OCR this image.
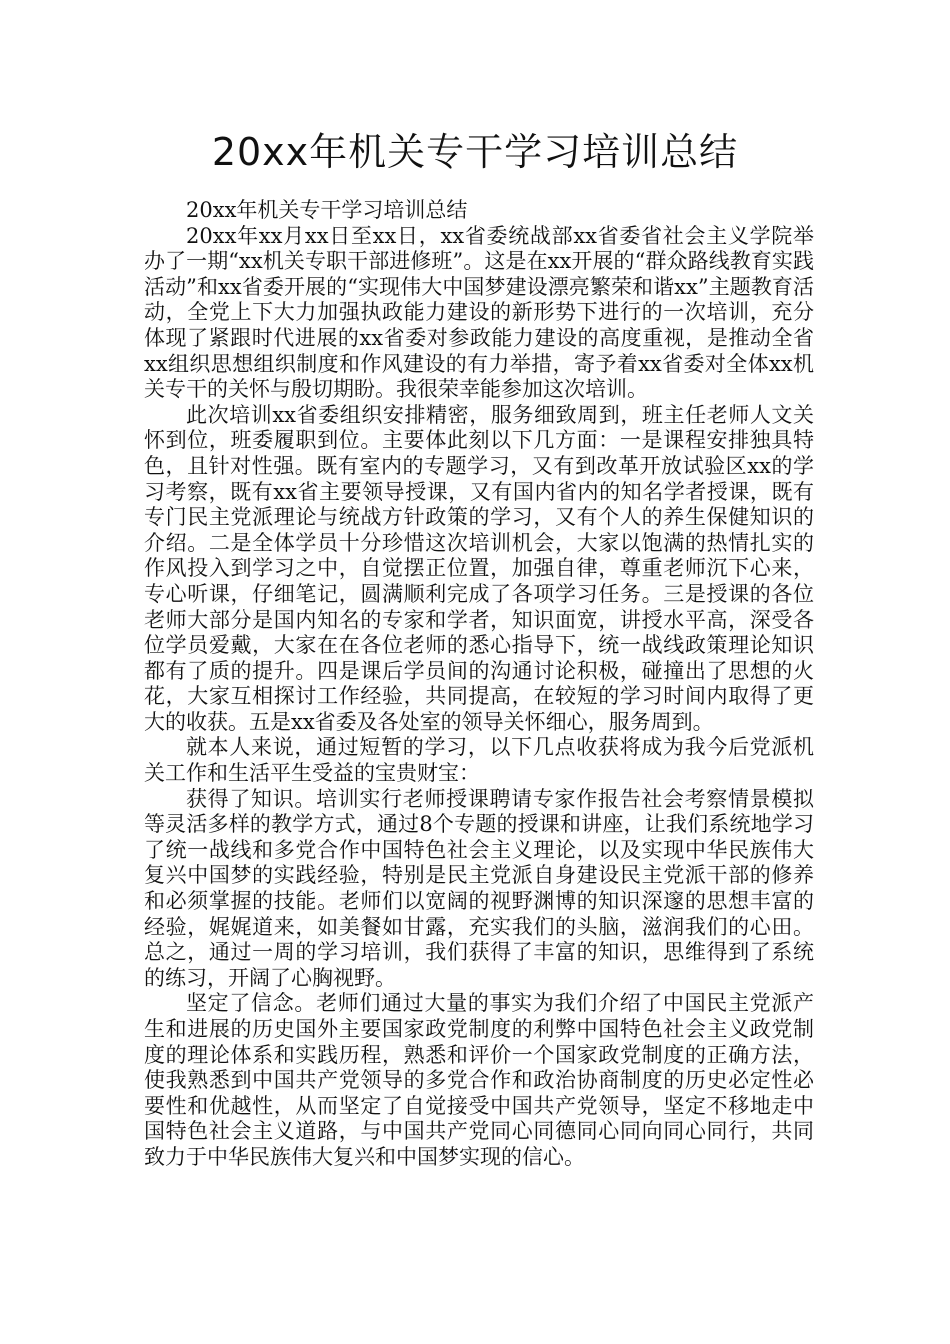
20xx年机关专干学习培训总结

20xx年机关专干学习培训总结

20xx年xx月xx日至xx日，xx省委统战部xx省委省社会主义学院举办了一期“xx机关专职干部进修班”。这是在xx开展的“群众路线教育实践活动”和xx省委开展的“实现伟大中国梦建设漂亮繁荣和谐xx”主题教育活动，全党上下大力加强执政能力建设的新形势下进行的一次培训，充分体现了紧跟时代进展的xx省委对参政能力建设的高度重视，是推动全省xx组织思想组织制度和作风建设的有力举措，寄予着xx省委对全体xx机关专干的关怀与殷切期盼。我很荣幸能参加这次培训。

此次培训xx省委组织安排精密，服务细致周到，班主任老师人文关怀到位，班委履职到位。主要体此刻以下几方面：一是课程安排独具特色，且针对性强。既有室内的专题学习，又有到改革开放试验区xx的学习考察，既有xx省主要领导授课，又有国内省内的知名学者授课，既有专门民主党派理论与统战方针政策的学习，又有个人的养生保健知识的介绍。二是全体学员十分珍惜这次培训机会，大家以饱满的热情扎实的作风投入到学习之中，自觉摆正位置，加强自律，尊重老师沉下心来，专心听课，仔细笔记，圆满顺利完成了各项学习任务。三是授课的各位老师大部分是国内知名的专家和学者，知识面宽，讲授水平高，深受各位学员爱戴，大家在在各位老师的悉心指导下，统一战线政策理论知识都有了质的提升。四是课后学员间的沟通讨论积极，碰撞出了思想的火花，大家互相探讨工作经验，共同提高，在较短的学习时间内取得了更大的收获。五是xx省委及各处室的领导关怀细心，服务周到。

就本人来说，通过短暂的学习，以下几点收获将成为我今后党派机关工作和生活平生受益的宝贵财宝：

获得了知识。培训实行老师授课聘请专家作报告社会考察情景模拟等灵活多样的教学方式，通过8个专题的授课和讲座，让我们系统地学习了统一战线和多党合作中国特色社会主义理论，以及实现中华民族伟大复兴中国梦的实践经验，特别是民主党派自身建设民主党派干部的修养和必须掌握的技能。老师们以宽阔的视野渊博的知识深邃的思想丰富的经验，娓娓道来，如美餐如甘露，充实我们的头脑，滋润我们的心田。总之，通过一周的学习培训，我们获得了丰富的知识，思维得到了系统的练习，开阔了心胸视野。

坚定了信念。老师们通过大量的事实为我们介绍了中国民主党派产生和进展的历史国外主要国家政党制度的利弊中国特色社会主义政党制度的理论体系和实践历程，熟悉和评价一个国家政党制度的正确方法，使我熟悉到中国共产党领导的多党合作和政治协商制度的历史必定性必要性和优越性，从而坚定了自觉接受中国共产党领导，坚定不移地走中国特色社会主义道路，与中国共产党同心同德同心同向同心同行，共同致力于中华民族伟大复兴和中国梦实现的信心。
